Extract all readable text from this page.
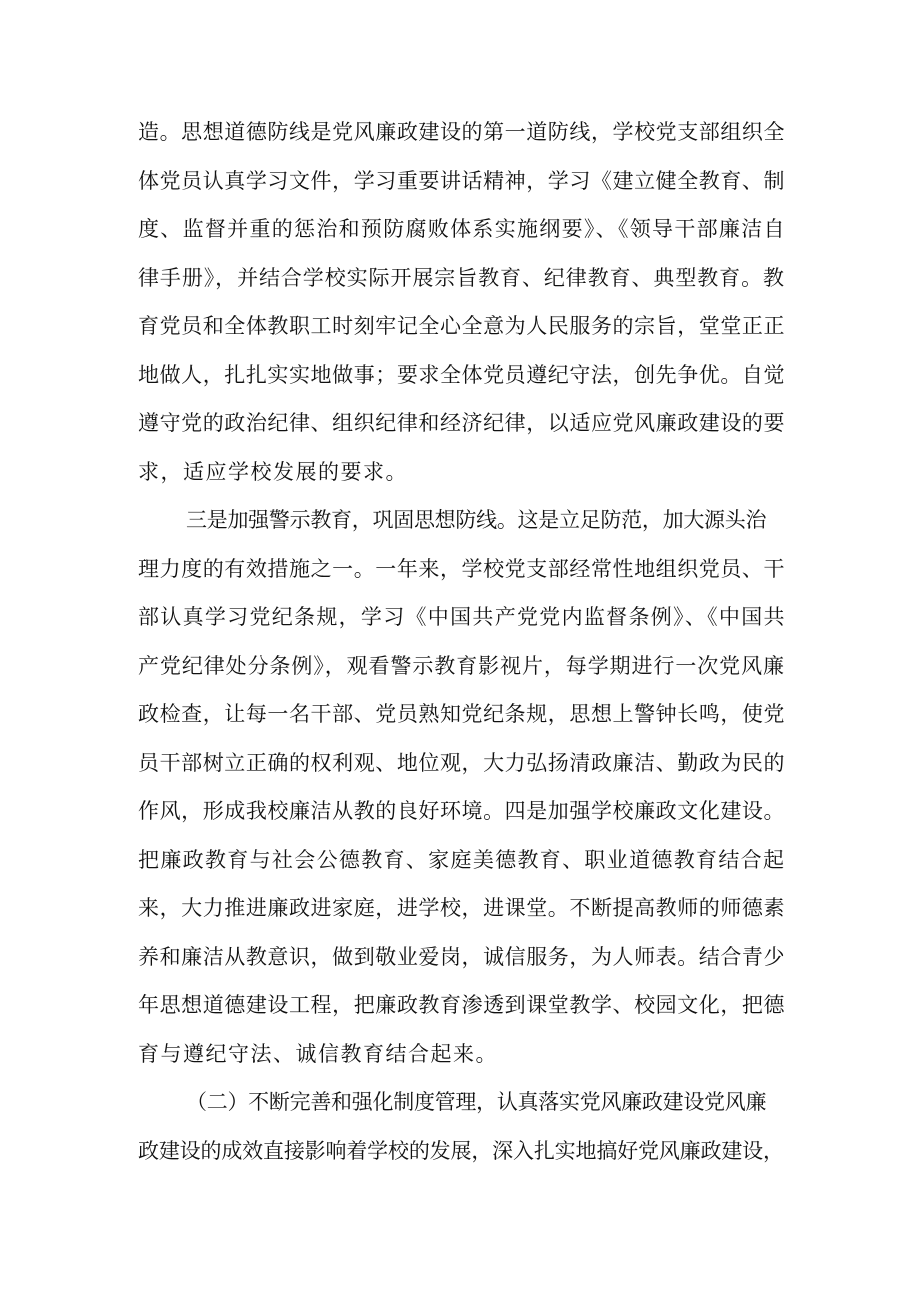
造。思想道德防线是党风廉政建设的第一道防线，学校党支部组织全

体党员认真学习文件，学习重要讲话精神，学习《建立健全教育、制

度、监督并重的惩治和预防腐败体系实施纲要》、《领导干部廉洁自

律手册》，并结合学校实际开展宗旨教育、纪律教育、典型教育。教

育党员和全体教职工时刻牢记全心全意为人民服务的宗旨，堂堂正正

地做人，扎扎实实地做事；要求全体党员遵纪守法，创先争优。自觉

遵守党的政治纪律、组织纪律和经济纪律，以适应党风廉政建设的要

求，适应学校发展的要求。

三是加强警示教育，巩固思想防线。这是立足防范，加大源头治

理力度的有效措施之一。一年来，学校党支部经常性地组织党员、干

部认真学习党纪条规，学习《中国共产党党内监督条例》、《中国共

产党纪律处分条例》，观看警示教育影视片，每学期进行一次党风廉

政检查，让每一名干部、党员熟知党纪条规，思想上警钟长鸣，使党

员干部树立正确的权利观、地位观，大力弘扬清政廉洁、勤政为民的

作风，形成我校廉洁从教的良好环境。四是加强学校廉政文化建设。

把廉政教育与社会公德教育、家庭美德教育、职业道德教育结合起

来，大力推进廉政进家庭，进学校，进课堂。不断提高教师的师德素

养和廉洁从教意识，做到敬业爱岗，诚信服务，为人师表。结合青少

年思想道德建设工程，把廉政教育渗透到课堂教学、校园文化，把德

育与遵纪守法、诚信教育结合起来。

（二）不断完善和强化制度管理，认真落实党风廉政建设党风廉

政建设的成效直接影响着学校的发展，深入扎实地搞好党风廉政建设，
